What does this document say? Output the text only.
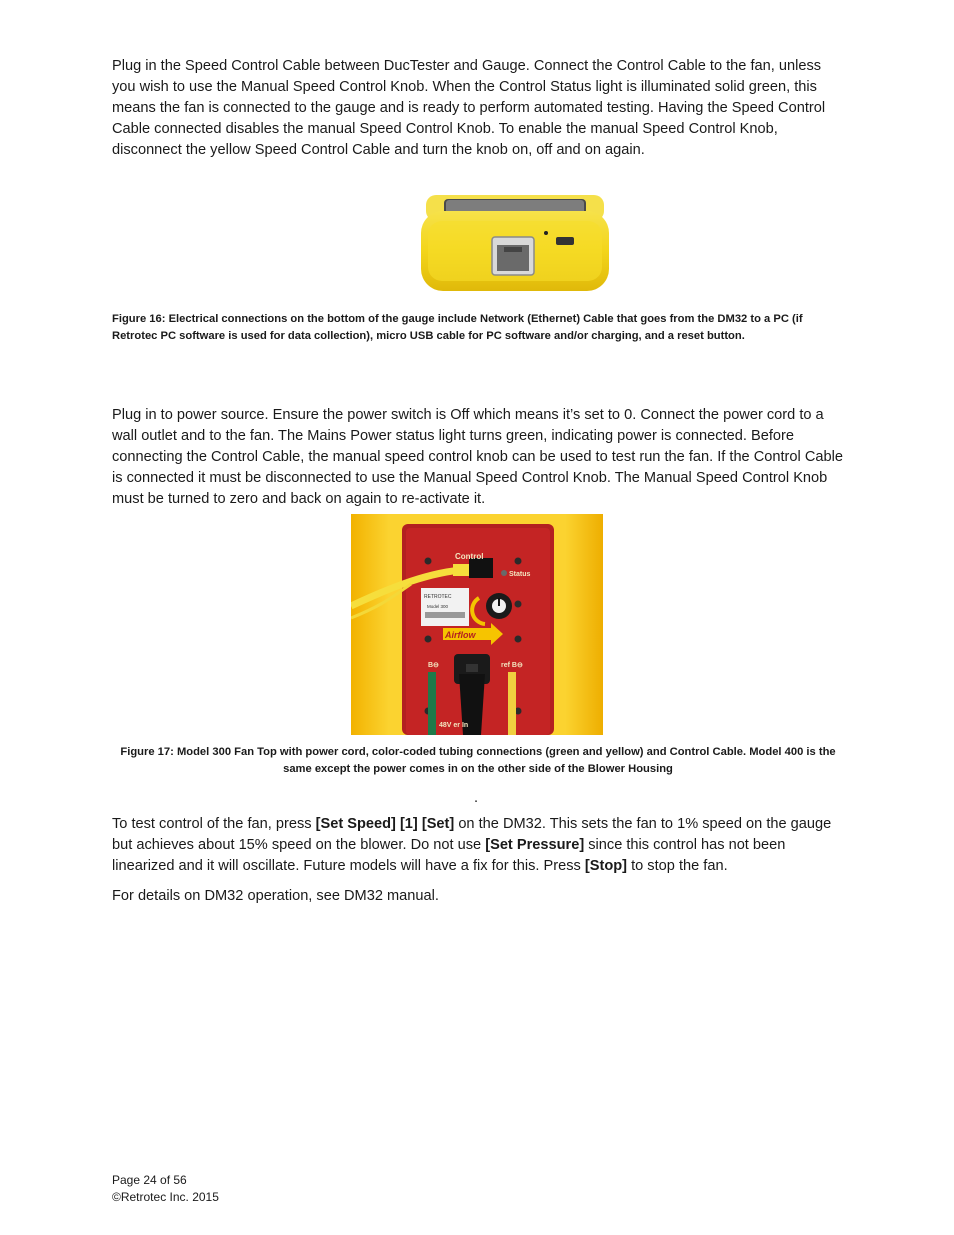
Plug in the Speed Control Cable between DucTester and Gauge. Connect the Control Cable to the fan, unless you wish to use the Manual Speed Control Knob. When the Control Status light is illuminated solid green, this means the fan is connected to the gauge and is ready to perform automated testing. Having the Speed Control Cable connected disables the manual Speed Control Knob. To enable the manual Speed Control Knob, disconnect the yellow Speed Control Cable and turn the knob on, off and on again.

Figure 16: Electrical connections on the bottom of the gauge include Network (Ethernet) Cable that goes from the DM32 to a PC (if Retrotec PC software is used for data collection), micro USB cable for PC software and/or charging, and a reset button.

Plug in to power source. Ensure the power switch is Off which means it’s set to 0. Connect the power cord to a wall outlet and to the fan. The Mains Power status light turns green, indicating power is connected. Before connecting the Control Cable, the manual speed control knob can be used to test run the fan. If the Control Cable is connected it must be disconnected to use the Manual Speed Control Knob. The Manual Speed Control Knob must be turned to zero and back on again to re-activate it.

Control
Status
RETROTEC
Model 300
Airflow
B⊖	ref B⊖
48V er In

Figure 17: Model 300 Fan Top with power cord, color-coded tubing connections (green and yellow) and Control Cable. Model 400 is the same except the power comes in on the other side of the Blower Housing

.

To test control of the fan, press [Set Speed] [1] [Set] on the DM32. This sets the fan to 1% speed on the gauge but achieves about 15% speed on the blower. Do not use [Set Pressure] since this control has not been linearized and it will oscillate. Future models will have a fix for this. Press [Stop] to stop the fan.

For details on DM32 operation, see DM32 manual.

Page 24 of 56
©Retrotec Inc. 2015
